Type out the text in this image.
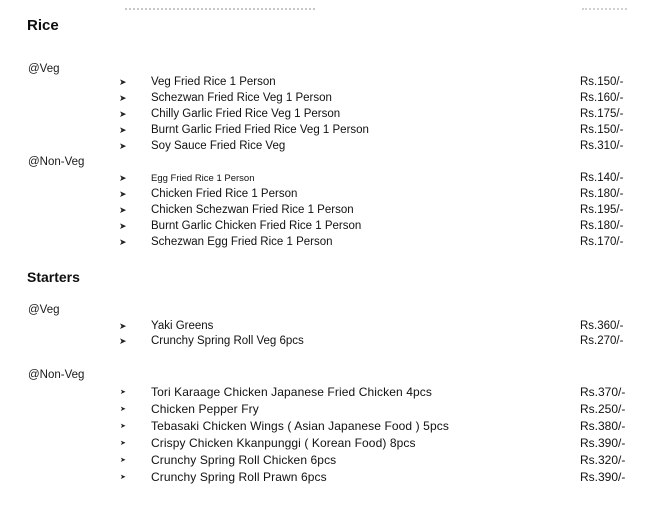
Rice
@Veg
➤ Veg Fried Rice 1 Person	Rs.150/-
➤ Schezwan Fried Rice Veg 1 Person	Rs.160/-
➤ Chilly Garlic Fried Rice Veg 1 Person	Rs.175/-
➤ Burnt Garlic Fried Fried Rice Veg 1 Person	Rs.150/-
➤ Soy Sauce Fried Rice Veg	Rs.310/-
@Non-Veg
➤	Egg Fried Rice 1 Person	Rs.140/-
➤ Chicken Fried Rice 1 Person	Rs.180/-
➤ Chicken Schezwan Fried Rice 1 Person	Rs.195/-
➤ Burnt Garlic Chicken Fried Rice 1 Person	Rs.180/-
➤ Schezwan Egg Fried Rice 1 Person	Rs.170/-
Starters
@Veg
➤ Yaki Greens	Rs.360/-
➤ Crunchy Spring Roll Veg 6pcs	Rs.270/-
@Non-Veg
➤ Tori Karaage Chicken Japanese Fried Chicken 4pcs	Rs.370/-
➤ Chicken Pepper Fry	Rs.250/-
➤ Tebasaki Chicken Wings ( Asian Japanese Food ) 5pcs	Rs.380/-
➤ Crispy Chicken Kkanpunggi ( Korean Food) 8pcs	Rs.390/-
➤ Crunchy Spring Roll Chicken 6pcs	Rs.320/-
➤ Crunchy Spring Roll Prawn 6pcs	Rs.390/-
